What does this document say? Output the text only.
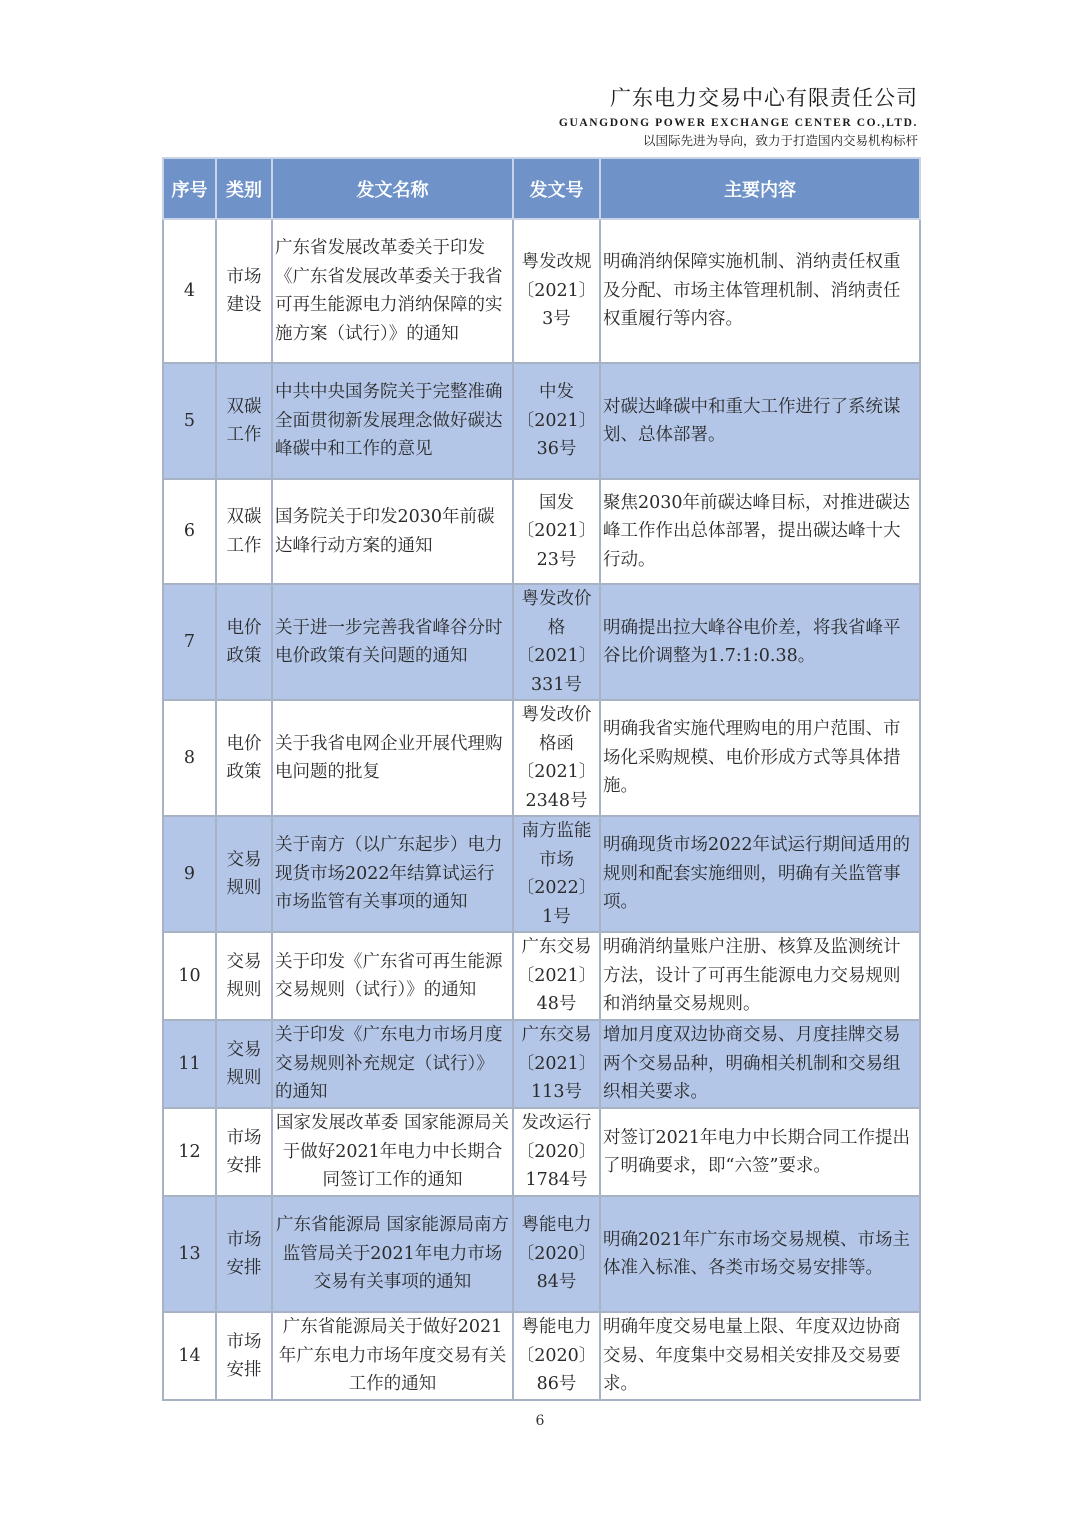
广东电力交易中心有限责任公司
GUANGDONG POWER EXCHANGE CENTER CO.,LTD.
以国际先进为导向，致力于打造国内交易机构标杆
序号	类别	发文名称	发文号	主要内容
4	市场建设	广东省发展改革委关于印发《广东省发展改革委关于我省可再生能源电力消纳保障的实施方案（试行）》的通知	粤发改规〔2021〕3号	明确消纳保障实施机制、消纳责任权重及分配、市场主体管理机制、消纳责任权重履行等内容。
5	双碳工作	中共中央国务院关于完整准确全面贯彻新发展理念做好碳达峰碳中和工作的意见	中发〔2021〕36号	对碳达峰碳中和重大工作进行了系统谋划、总体部署。
6	双碳工作	国务院关于印发2030年前碳达峰行动方案的通知	国发〔2021〕23号	聚焦2030年前碳达峰目标，对推进碳达峰工作作出总体部署，提出碳达峰十大行动。
7	电价政策	关于进一步完善我省峰谷分时电价政策有关问题的通知	粤发改价格〔2021〕331号	明确提出拉大峰谷电价差，将我省峰平谷比价调整为1.7:1:0.38。
8	电价政策	关于我省电网企业开展代理购电问题的批复	粤发改价格函〔2021〕2348号	明确我省实施代理购电的用户范围、市场化采购规模、电价形成方式等具体措施。
9	交易规则	关于南方（以广东起步）电力现货市场2022年结算试运行市场监管有关事项的通知	南方监能市场〔2022〕1号	明确现货市场2022年试运行期间适用的规则和配套实施细则，明确有关监管事项。
10	交易规则	关于印发《广东省可再生能源交易规则（试行）》的通知	广东交易〔2021〕48号	明确消纳量账户注册、核算及监测统计方法，设计了可再生能源电力交易规则和消纳量交易规则。
11	交易规则	关于印发《广东电力市场月度交易规则补充规定（试行）》的通知	广东交易〔2021〕113号	增加月度双边协商交易、月度挂牌交易两个交易品种，明确相关机制和交易组织相关要求。
12	市场安排	国家发展改革委 国家能源局关于做好2021年电力中长期合同签订工作的通知	发改运行〔2020〕1784号	对签订2021年电力中长期合同工作提出了明确要求，即“六签”要求。
13	市场安排	广东省能源局 国家能源局南方监管局关于2021年电力市场交易有关事项的通知	粤能电力〔2020〕84号	明确2021年广东市场交易规模、市场主体准入标准、各类市场交易安排等。
14	市场安排	广东省能源局关于做好2021年广东电力市场年度交易有关工作的通知	粤能电力〔2020〕86号	明确年度交易电量上限、年度双边协商交易、年度集中交易相关安排及交易要求。
6
